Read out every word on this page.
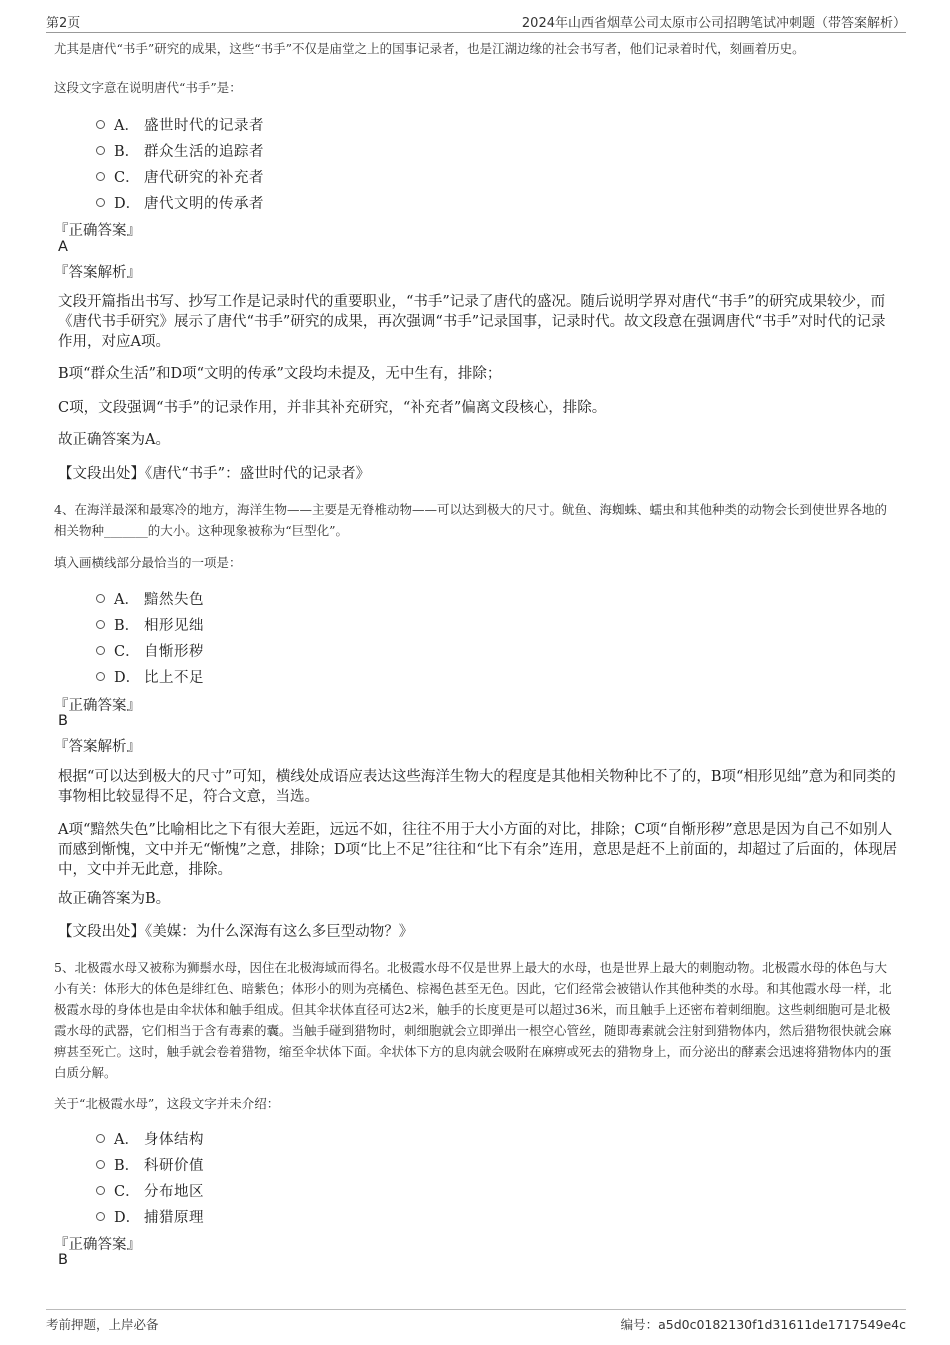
第2页	2024年山西省烟草公司太原市公司招聘笔试冲刺题（带答案解析）

尤其是唐代“书手”研究的成果，这些“书手”不仅是庙堂之上的国事记录者，也是江湖边缘的社会书写者，他们记录着时代，刻画着历史。

这段文字意在说明唐代“书手”是：

A． 盛世时代的记录者
B． 群众生活的追踪者
C． 唐代研究的补充者
D． 唐代文明的传承者
『正确答案』
A
『答案解析』

文段开篇指出书写、抄写工作是记录时代的重要职业，“书手”记录了唐代的盛况。随后说明学界对唐代“书手”的研究成果较少，而《唐代书手研究》展示了唐代“书手”研究的成果，再次强调“书手”记录国事，记录时代。故文段意在强调唐代“书手”对时代的记录作用，对应A项。

B项“群众生活”和D项“文明的传承”文段均未提及，无中生有，排除；

C项，文段强调“书手”的记录作用，并非其补充研究，“补充者”偏离文段核心，排除。

故正确答案为A。

【文段出处】《唐代“书手”：盛世时代的记录者》

4、在海洋最深和最寒冷的地方，海洋生物——主要是无脊椎动物——可以达到极大的尺寸。鱿鱼、海蜘蛛、蠕虫和其他种类的动物会长到使世界各地的相关物种_______的大小。这种现象被称为“巨型化”。

填入画横线部分最恰当的一项是：

A． 黯然失色
B． 相形见绌
C． 自惭形秽
D． 比上不足
『正确答案』
B
『答案解析』

根据“可以达到极大的尺寸”可知，横线处成语应表达这些海洋生物大的程度是其他相关物种比不了的，B项“相形见绌”意为和同类的事物相比较显得不足，符合文意，当选。

A项“黯然失色”比喻相比之下有很大差距，远远不如，往往不用于大小方面的对比，排除；C项“自惭形秽”意思是因为自己不如别人而感到惭愧，文中并无“惭愧”之意，排除；D项“比上不足”往往和“比下有余”连用，意思是赶不上前面的，却超过了后面的，体现居中，文中并无此意，排除。

故正确答案为B。

【文段出处】《美媒：为什么深海有这么多巨型动物？》

5、北极霞水母又被称为狮鬃水母，因住在北极海域而得名。北极霞水母不仅是世界上最大的水母，也是世界上最大的刺胞动物。北极霞水母的体色与大小有关：体形大的体色是绯红色、暗紫色；体形小的则为亮橘色、棕褐色甚至无色。因此，它们经常会被错认作其他种类的水母。和其他霞水母一样，北极霞水母的身体也是由伞状体和触手组成。但其伞状体直径可达2米，触手的长度更是可以超过36米，而且触手上还密布着刺细胞。这些刺细胞可是北极霞水母的武器，它们相当于含有毒素的囊。当触手碰到猎物时，刺细胞就会立即弹出一根空心管丝，随即毒素就会注射到猎物体内，然后猎物很快就会麻痹甚至死亡。这时，触手就会卷着猎物，缩至伞状体下面。伞状体下方的息肉就会吸附在麻痹或死去的猎物身上，而分泌出的酵素会迅速将猎物体内的蛋白质分解。

关于“北极霞水母”，这段文字并未介绍：

A． 身体结构
B． 科研价值
C． 分布地区
D． 捕猎原理
『正确答案』
B
考前押题，上岸必备	编号：a5d0c0182130f1d31611de1717549e4c
